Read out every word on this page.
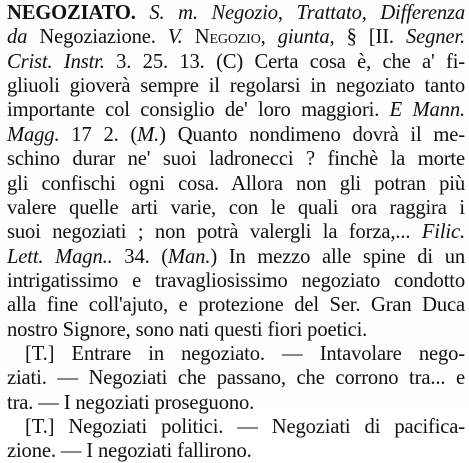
NEGOZIATO. S. m. Negozio, Trattato, Differenza
da Negoziazione. V. Negozio, giunta, § [II. Segner.
Crist. Instr. 3. 25. 13. (C) Certa cosa è, che a' fi-
gliuoli gioverà sempre il regolarsi in negoziato tanto
importante col consiglio de' loro maggiori. E Mann.
Magg. 17 2. (M.) Quanto nondimeno dovrà il me-
schino durar ne' suoi ladronecci ? finchè la morte
gli confischi ogni cosa. Allora non gli potran più
valere quelle arti varie, con le quali ora raggira i
suoi negoziati ; non potrà valergli la forza,... Filic.
Lett. Magn.. 34. (Man.) In mezzo alle spine di un
intrigatissimo e travagliosissimo negoziato condotto
alla fine coll'ajuto, e protezione del Ser. Gran Duca
nostro Signore, sono nati questi fiori poetici.
[T.] Entrare in negoziato. — Intavolare nego-
ziati. — Negoziati che passano, che corrono tra... e
tra. — I negoziati proseguono.
[T.] Negoziati politici. — Negoziati di pacifica-
zione. — I negoziati fallirono.
